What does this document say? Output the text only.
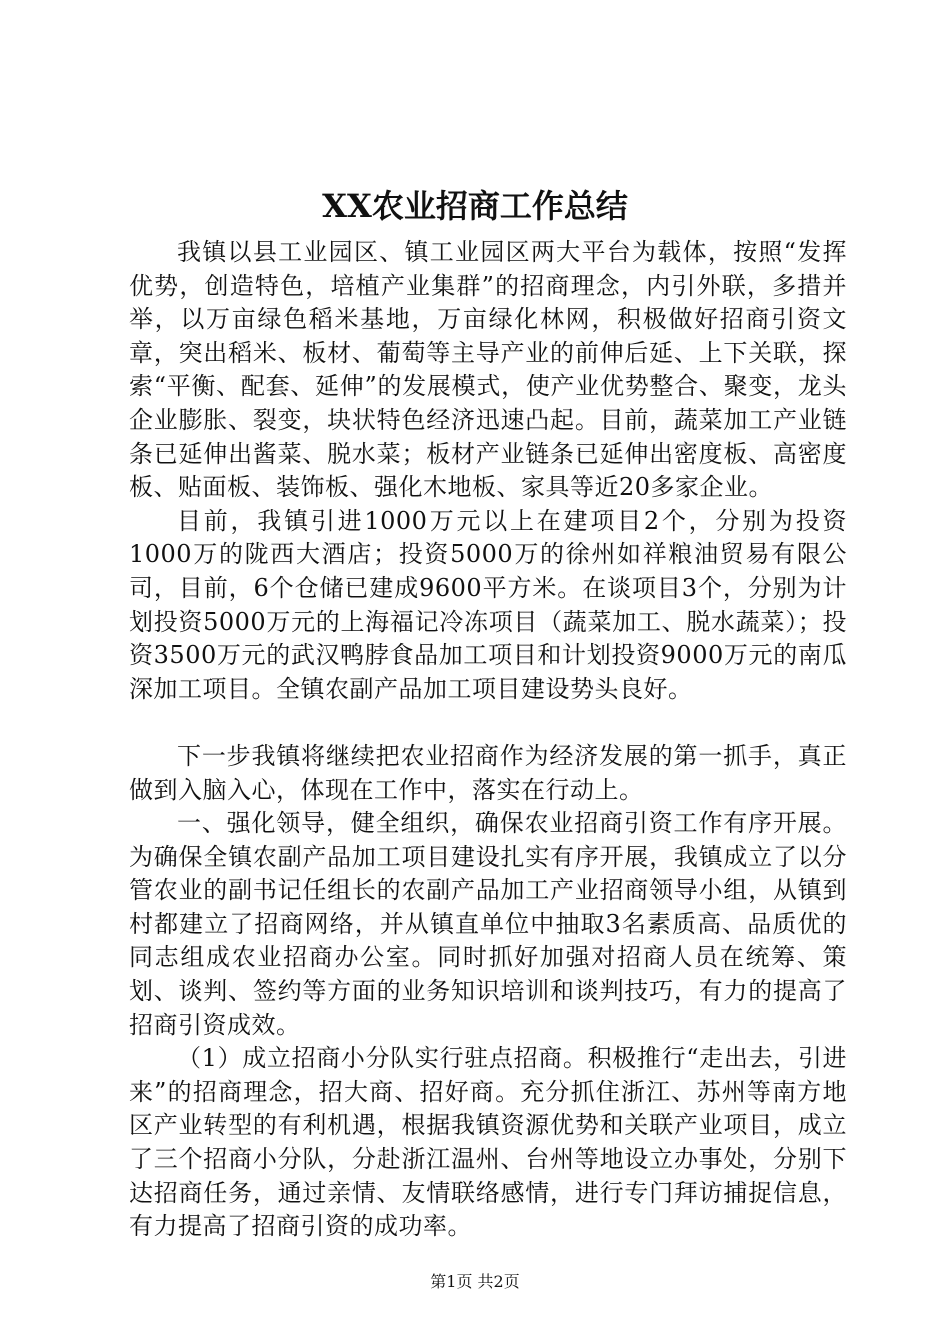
XX农业招商工作总结

我镇以县工业园区、镇工业园区两大平台为载体，按照“发挥优势，创造特色，培植产业集群”的招商理念，内引外联，多措并举，以万亩绿色稻米基地，万亩绿化林网，积极做好招商引资文章，突出稻米、板材、葡萄等主导产业的前伸后延、上下关联，探索“平衡、配套、延伸”的发展模式，使产业优势整合、聚变，龙头企业膨胀、裂变，块状特色经济迅速凸起。目前，蔬菜加工产业链条已延伸出酱菜、脱水菜；板材产业链条已延伸出密度板、高密度板、贴面板、装饰板、强化木地板、家具等近20多家企业。

目前，我镇引进1000万元以上在建项目2个，分别为投资1000万的陇西大酒店；投资5000万的徐州如祥粮油贸易有限公司，目前，6个仓储已建成9600平方米。在谈项目3个，分别为计划投资5000万元的上海福记冷冻项目（蔬菜加工、脱水蔬菜）；投资3500万元的武汉鸭脖食品加工项目和计划投资9000万元的南瓜深加工项目。全镇农副产品加工项目建设势头良好。

下一步我镇将继续把农业招商作为经济发展的第一抓手，真正做到入脑入心，体现在工作中，落实在行动上。

一、强化领导，健全组织，确保农业招商引资工作有序开展。为确保全镇农副产品加工项目建设扎实有序开展，我镇成立了以分管农业的副书记任组长的农副产品加工产业招商领导小组，从镇到村都建立了招商网络，并从镇直单位中抽取3名素质高、品质优的同志组成农业招商办公室。同时抓好加强对招商人员在统筹、策划、谈判、签约等方面的业务知识培训和谈判技巧，有力的提高了招商引资成效。

（1）成立招商小分队实行驻点招商。积极推行“走出去，引进来”的招商理念，招大商、招好商。充分抓住浙江、苏州等南方地区产业转型的有利机遇，根据我镇资源优势和关联产业项目，成立了三个招商小分队，分赴浙江温州、台州等地设立办事处，分别下达招商任务，通过亲情、友情联络感情，进行专门拜访捕捉信息，有力提高了招商引资的成功率。

第1页 共2页
